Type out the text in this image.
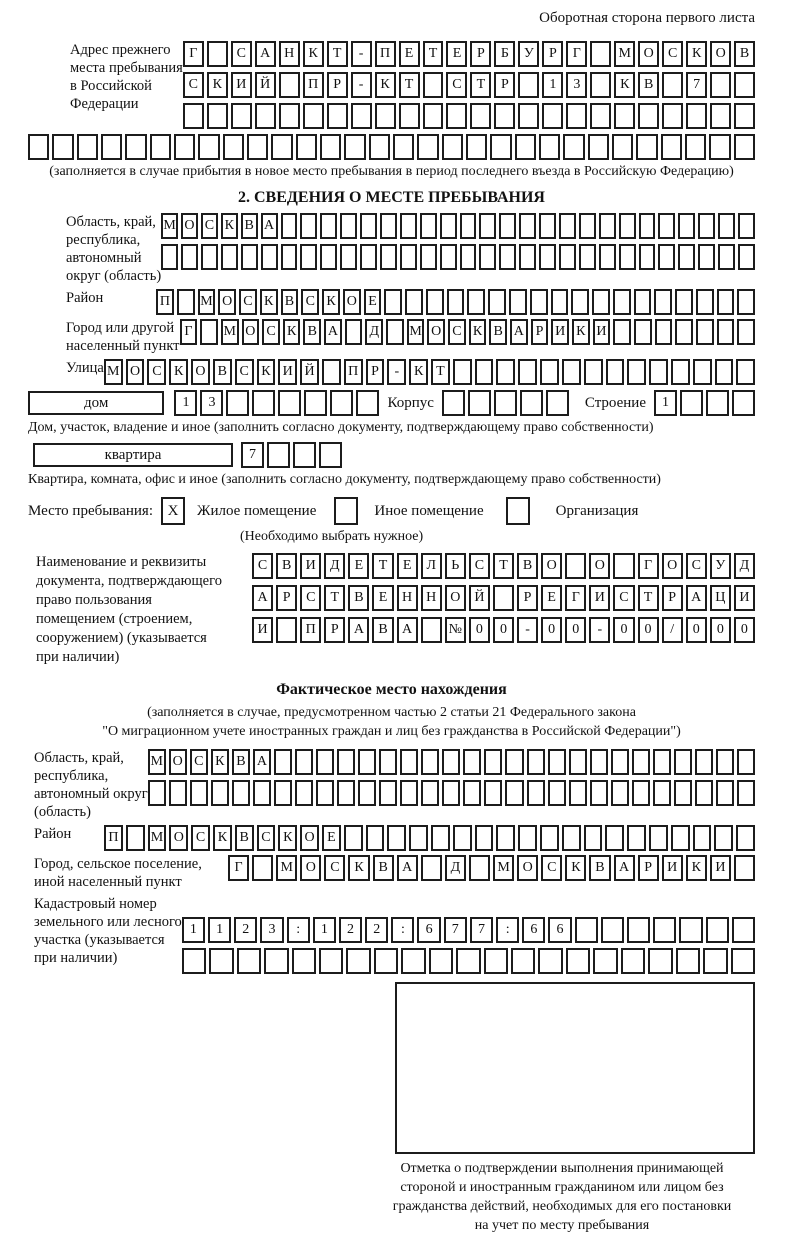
Оборотная сторона первого листа
Адрес прежнего
места пребывания
в Российской
Федерации
Г	С	А Н	К	Т	-	П	Е	Т	Е	Р	Б	У	Р	Г	М О	С	К	О	В
С	К	И Й	П	Р	-	К	Т	С	Т	Р	1	3	К	В	7
(заполняется в случае прибытия в новое место пребывания в период последнего въезда в Российскую Федерацию)
2. СВЕДЕНИЯ О МЕСТЕ ПРЕБЫВАНИЯ
Область, край,
республика,
автономный
округ (область)
М О С К В А
Район	П М О С К В С К О Е
Город или другой
населенный пункт
Г	М О С К В А Д М О С К В А Р И К И
Улица М О С К О В С К И Й	П Р	-	К Т
дом	1	3	Корпус	Строение	1
Дом, участок, владение и иное (заполнить согласно документу, подтверждающему право собственности)
квартира	7
Квартира, комната, офис и иное (заполнить согласно документу, подтверждающему право собственности)
Место пребывания: X	Жилое помещение	Иное помещение	Организация
(Необходимо выбрать нужное)
Наименование и реквизиты
документа, подтверждающего
право пользования
помещением (строением,
сооружением) (указывается
при наличии)
С	В	И	Д	Е	Т	Е	Л	Ь	С	Т	В	О	О	Г	О	С	У	Д
А	Р	С	Т	В	Е	Н Н О Й	Р	Е	Г	И	С	Т	Р	А Ц И
И	П	Р	А	В	А	№ 0	0	-	0	0	-	0	0	/	0	0	0
Фактическое место нахождения
(заполняется в случае, предусмотренном частью 2 статьи 21 Федерального закона
"О миграционном учете иностранных граждан и лиц без гражданства в Российской Федерации")
Область, край,
республика,
автономный округ
(область)
М О С К В А
Район	П	М О С К В С К О Е
Город, сельское поселение,
иной населенный пункт
Г	М О	С	К	В	А	Д	М О	С	К	В	А	Р	И	К	И
Кадастровый номер
земельного или лесного
участка (указывается
при наличии)
1	1	2	3	:	1	2	2	:	6	7	7	:	6	6
Отметка о подтверждении выполнения принимающей
стороной и иностранным гражданином или лицом без
гражданства действий, необходимых для его постановки
на учет по месту пребывания
